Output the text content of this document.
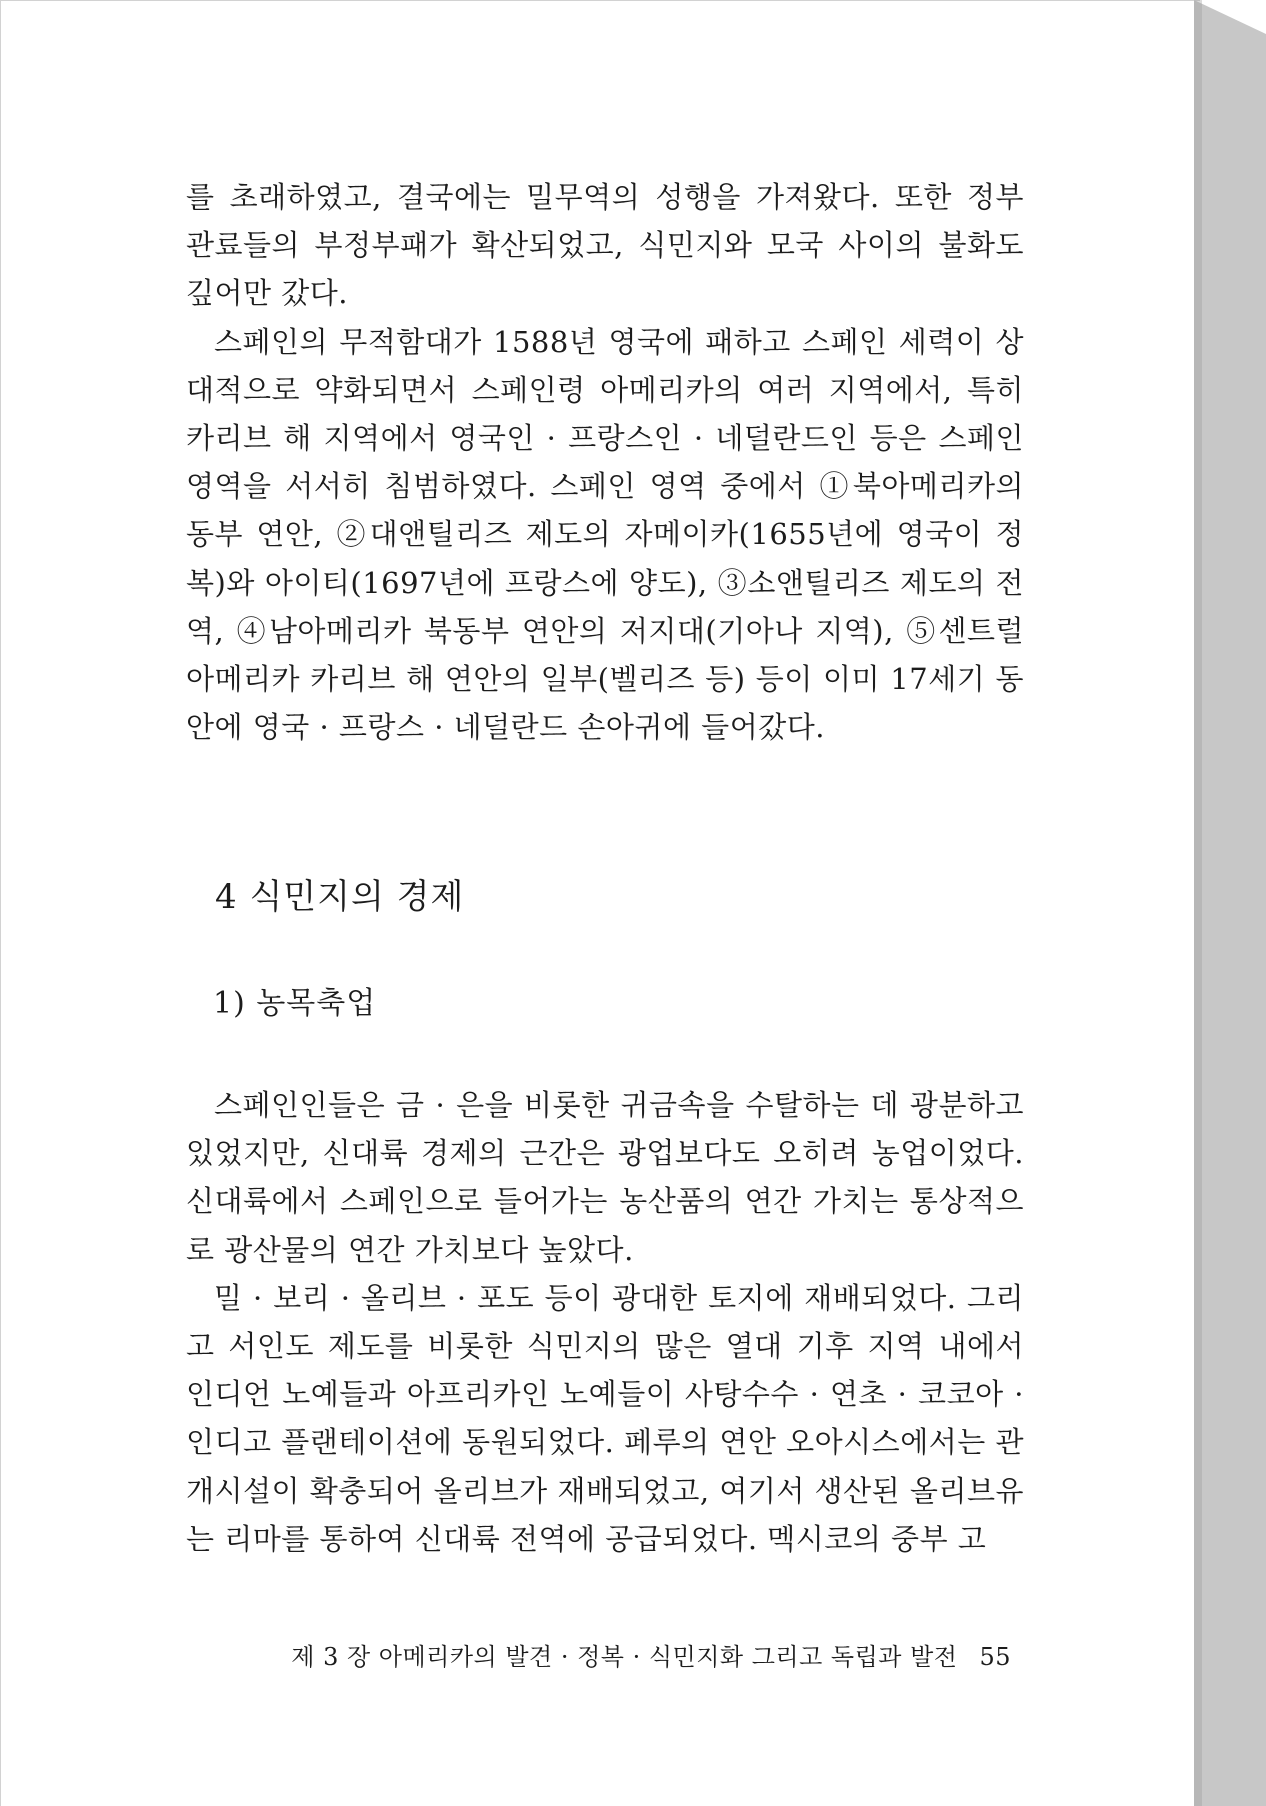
를 초래하였고, 결국에는 밀무역의 성행을 가져왔다. 또한 정부 관료들의 부정부패가 확산되었고, 식민지와 모국 사이의 불화도 깊어만 갔다.

스페인의 무적함대가 1588년 영국에 패하고 스페인 세력이 상대적으로 약화되면서 스페인령 아메리카의 여러 지역에서, 특히 카리브 해 지역에서 영국인 · 프랑스인 · 네덜란드인 등은 스페인 영역을 서서히 침범하였다. 스페인 영역 중에서 ①북아메리카의 동부 연안, ②대앤틸리즈 제도의 자메이카(1655년에 영국이 정복)와 아이티(1697년에 프랑스에 양도), ③소앤틸리즈 제도의 전역, ④남아메리카 북동부 연안의 저지대(기아나 지역), ⑤센트럴아메리카 카리브 해 연안의 일부(벨리즈 등) 등이 이미 17세기 동안에 영국 · 프랑스 · 네덜란드 손아귀에 들어갔다.

4 식민지의 경제
1) 농목축업

스페인인들은 금 · 은을 비롯한 귀금속을 수탈하는 데 광분하고 있었지만, 신대륙 경제의 근간은 광업보다도 오히려 농업이었다. 신대륙에서 스페인으로 들어가는 농산품의 연간 가치는 통상적으로 광산물의 연간 가치보다 높았다.

밀 · 보리 · 올리브 · 포도 등이 광대한 토지에 재배되었다. 그리고 서인도 제도를 비롯한 식민지의 많은 열대 기후 지역 내에서 인디언 노예들과 아프리카인 노예들이 사탕수수 · 연초 · 코코아 · 인디고 플랜테이션에 동원되었다. 페루의 연안 오아시스에서는 관개시설이 확충되어 올리브가 재배되었고, 여기서 생산된 올리브유는 리마를 통하여 신대륙 전역에 공급되었다. 멕시코의 중부 고

제 3 장 아메리카의 발견 · 정복 · 식민지화 그리고 독립과 발전 55
